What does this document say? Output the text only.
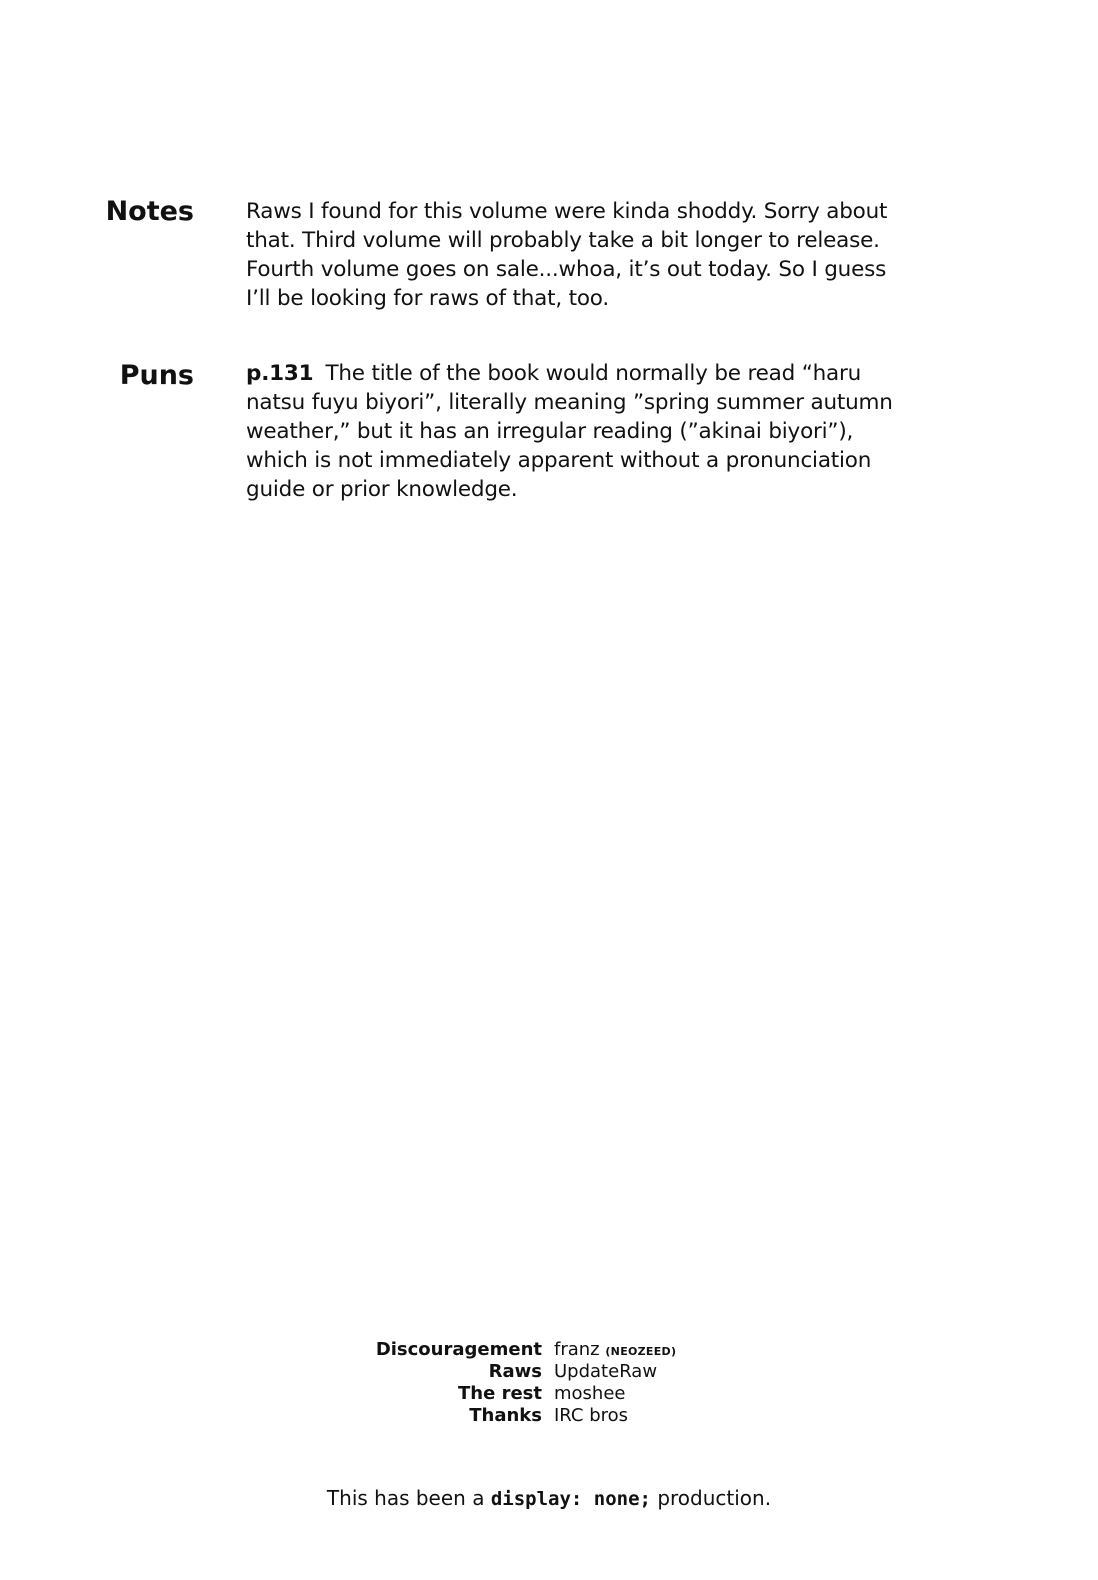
Notes Raws I found for this volume were kinda shoddy. Sorry about that. Third volume will probably take a bit longer to release. Fourth volume goes on sale...whoa, it’s out today. So I guess I’ll be looking for raws of that, too.
Puns p.131 The title of the book would normally be read “haru natsu fuyu biyori”, literally meaning ”spring summer autumn weather,” but it has an irregular reading (”akinai biyori”), which is not immediately apparent without a pronunciation guide or prior knowledge.
Discouragement franz (NEOZEED)
Raws UpdateRaw
The rest moshee
Thanks IRC bros
This has been a display: none; production.
